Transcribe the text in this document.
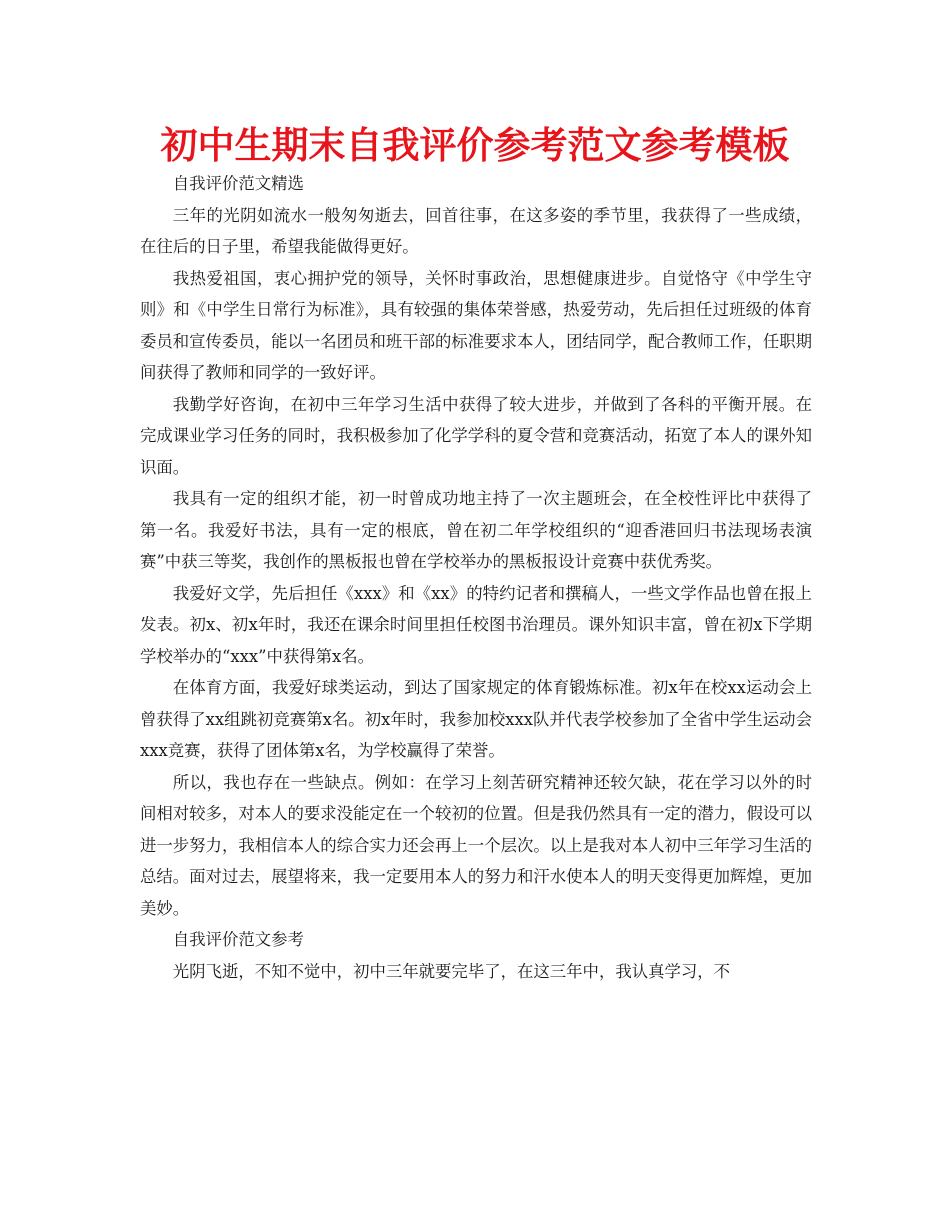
初中生期末自我评价参考范文参考模板

自我评价范文精选

三年的光阴如流水一般匆匆逝去，回首往事，在这多姿的季节里，我获得了一些成绩，在往后的日子里，希望我能做得更好。

我热爱祖国，衷心拥护党的领导，关怀时事政治，思想健康进步。自觉恪守《中学生守则》和《中学生日常行为标准》，具有较强的集体荣誉感，热爱劳动，先后担任过班级的体育委员和宣传委员，能以一名团员和班干部的标准要求本人，团结同学，配合教师工作，任职期间获得了教师和同学的一致好评。

我勤学好咨询，在初中三年学习生活中获得了较大进步，并做到了各科的平衡开展。在完成课业学习任务的同时，我积极参加了化学学科的夏令营和竞赛活动，拓宽了本人的课外知识面。

我具有一定的组织才能，初一时曾成功地主持了一次主题班会，在全校性评比中获得了第一名。我爱好书法，具有一定的根底，曾在初二年学校组织的“迎香港回归书法现场表演赛”中获三等奖，我创作的黑板报也曾在学校举办的黑板报设计竞赛中获优秀奖。

我爱好文学，先后担任《xxx》和《xx》的特约记者和撰稿人，一些文学作品也曾在报上发表。初x、初x年时，我还在课余时间里担任校图书治理员。课外知识丰富，曾在初x下学期学校举办的“xxx”中获得第x名。

在体育方面，我爱好球类运动，到达了国家规定的体育锻炼标准。初x年在校xx运动会上曾获得了xx组跳初竞赛第x名。初x年时，我参加校xxx队并代表学校参加了全省中学生运动会xxx竞赛，获得了团体第x名，为学校赢得了荣誉。

所以，我也存在一些缺点。例如：在学习上刻苦研究精神还较欠缺，花在学习以外的时间相对较多，对本人的要求没能定在一个较初的位置。但是我仍然具有一定的潜力，假设可以进一步努力，我相信本人的综合实力还会再上一个层次。以上是我对本人初中三年学习生活的总结。面对过去，展望将来，我一定要用本人的努力和汗水使本人的明天变得更加辉煌，更加美妙。

自我评价范文参考

光阴飞逝，不知不觉中，初中三年就要完毕了，在这三年中，我认真学习，不
